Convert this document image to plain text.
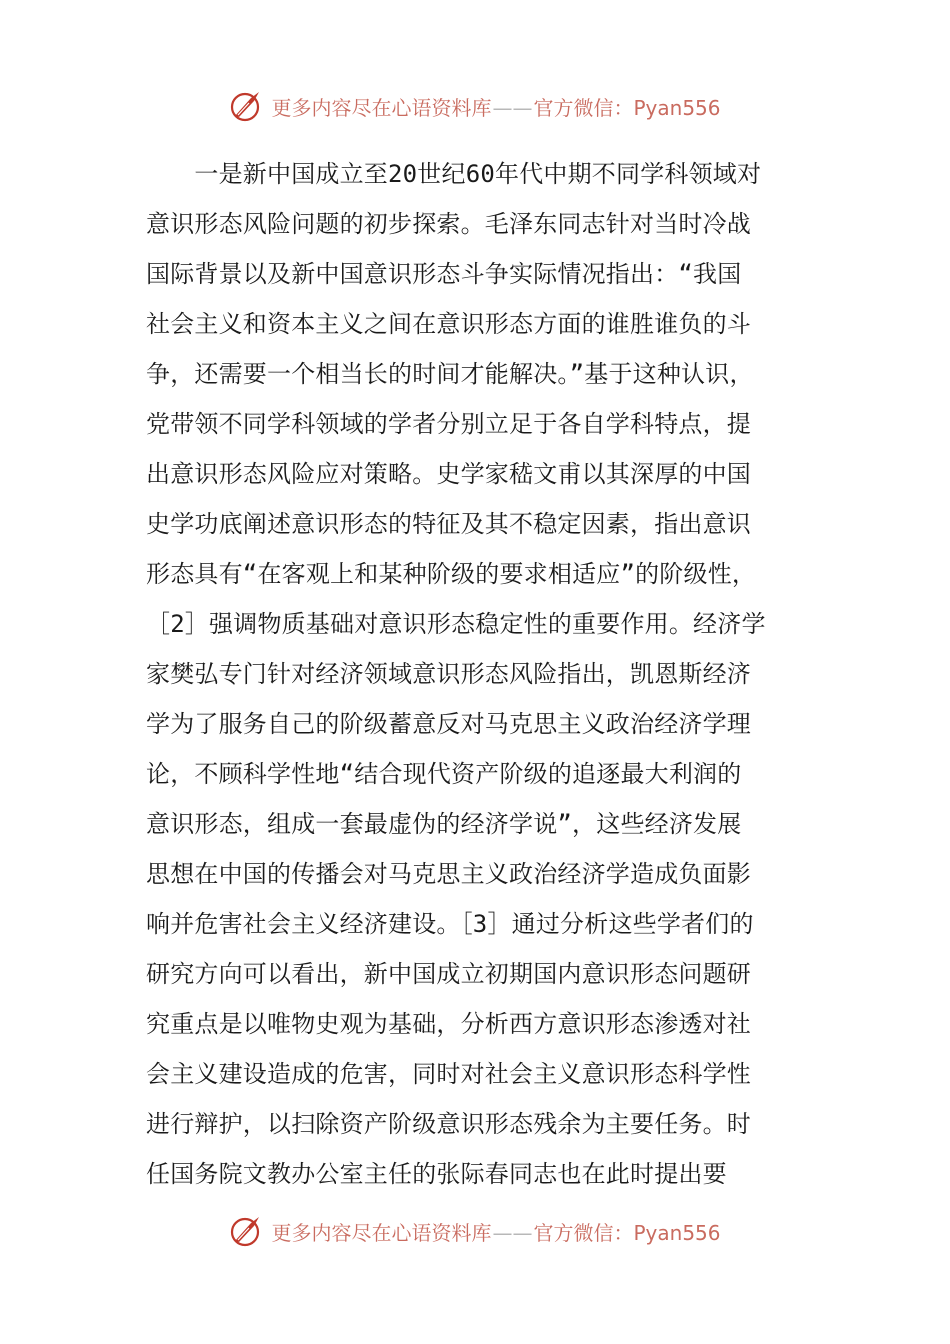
更多内容尽在心语资料库 —— 官方微信： Pyan556
　　一是新中国成立至20世纪60年代中期不同学科领域对
意识形态风险问题的初步探索。毛泽东同志针对当时冷战
国际背景以及新中国意识形态斗争实际情况指出：“我国
社会主义和资本主义之间在意识形态方面的谁胜谁负的斗
争，还需要一个相当长的时间才能解决。”基于这种认识，
党带领不同学科领域的学者分别立足于各自学科特点，提
出意识形态风险应对策略。史学家嵇文甫以其深厚的中国
史学功底阐述意识形态的特征及其不稳定因素，指出意识
形态具有“在客观上和某种阶级的要求相适应”的阶级性，
［2］强调物质基础对意识形态稳定性的重要作用。经济学
家樊弘专门针对经济领域意识形态风险指出，凯恩斯经济
学为了服务自己的阶级蓄意反对马克思主义政治经济学理
论，不顾科学性地“结合现代资产阶级的追逐最大利润的
意识形态，组成一套最虚伪的经济学说”，这些经济发展
思想在中国的传播会对马克思主义政治经济学造成负面影
响并危害社会主义经济建设。［3］通过分析这些学者们的
研究方向可以看出，新中国成立初期国内意识形态问题研
究重点是以唯物史观为基础，分析西方意识形态渗透对社
会主义建设造成的危害，同时对社会主义意识形态科学性
进行辩护，以扫除资产阶级意识形态残余为主要任务。时
任国务院文教办公室主任的张际春同志也在此时提出要
更多内容尽在心语资料库 —— 官方微信： Pyan556
